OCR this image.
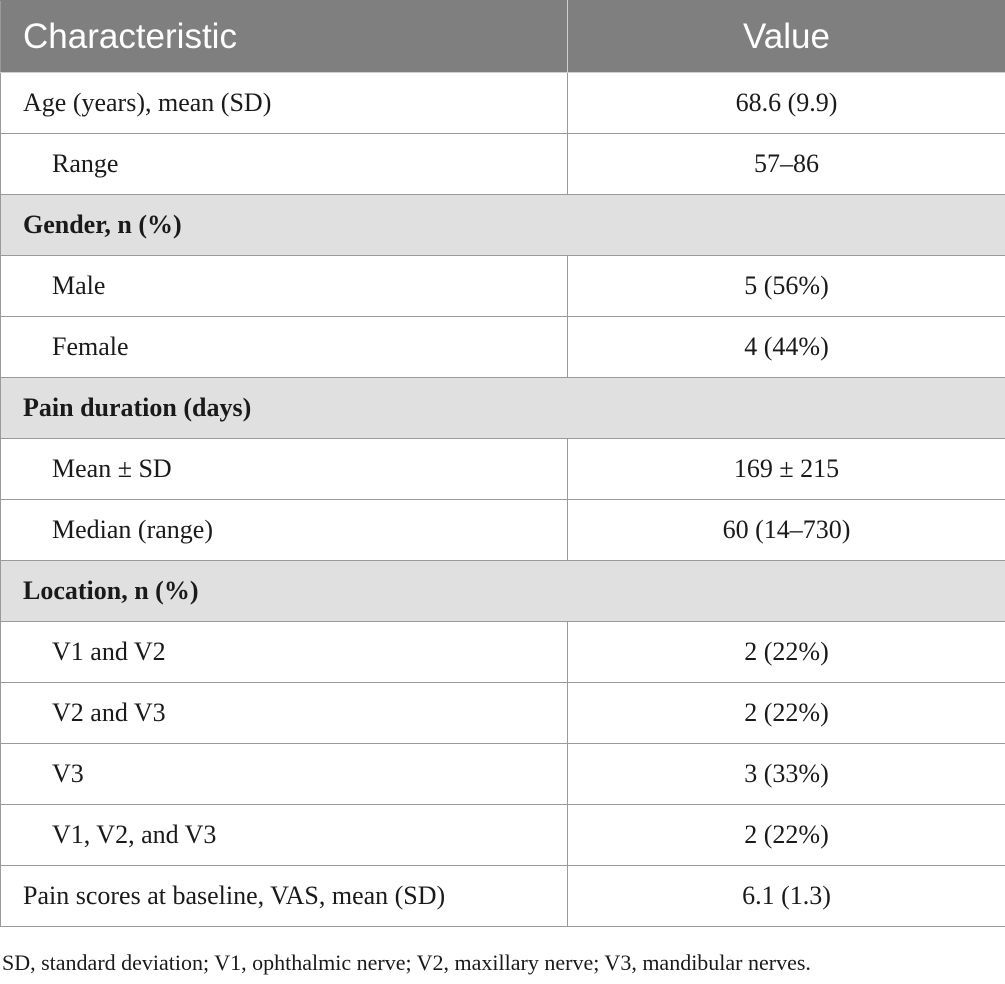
Characteristic	Value
Age (years), mean (SD)	68.6 (9.9)
Range	57–86
Gender, n (%)	
Male	5 (56%)
Female	4 (44%)
Pain duration (days)	
Mean ± SD	169 ± 215
Median (range)	60 (14–730)
Location, n (%)	
V1 and V2	2 (22%)
V2 and V3	2 (22%)
V3	3 (33%)
V1, V2, and V3	2 (22%)
Pain scores at baseline, VAS, mean (SD)	6.1 (1.3)

SD, standard deviation; V1, ophthalmic nerve; V2, maxillary nerve; V3, mandibular nerves.
